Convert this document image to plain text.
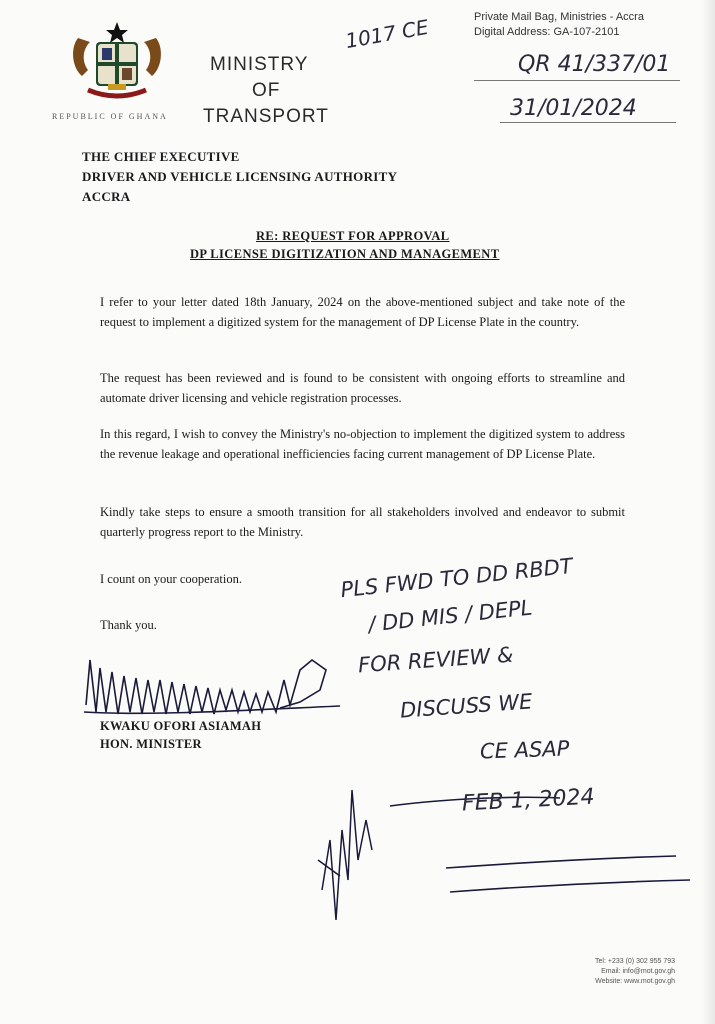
REPUBLIC OF GHANA
MINISTRY
OF
TRANSPORT
1017 CE	Private Mail Bag, Ministries - Accra
Digital Address: GA-107-2101
QR 41/337/01
31/01/2024
THE CHIEF EXECUTIVE
DRIVER AND VEHICLE LICENSING AUTHORITY
ACCRA
RE: REQUEST FOR APPROVAL
DP LICENSE DIGITIZATION AND MANAGEMENT
I refer to your letter dated 18th January, 2024 on the above-mentioned subject and take note of the request to implement a digitized system for the management of DP License Plate in the country.
The request has been reviewed and is found to be consistent with ongoing efforts to streamline and automate driver licensing and vehicle registration processes.
In this regard, I wish to convey the Ministry's no-objection to implement the digitized system to address the revenue leakage and operational inefficiencies facing current management of DP License Plate.
Kindly take steps to ensure a smooth transition for all stakeholders involved and endeavor to submit quarterly progress report to the Ministry.
I count on your cooperation.
Thank you.
PLS FWD TO DD RBDT
/ DD MIS / DEPL
FOR REVIEW &
DISCUSS WE
CE ASAP
FEB 1, 2024
KWAKU OFORI ASIAMAH
HON. MINISTER
Tel: +233 (0) 302 955 793
Email: info@mot.gov.gh
Website: www.mot.gov.gh
